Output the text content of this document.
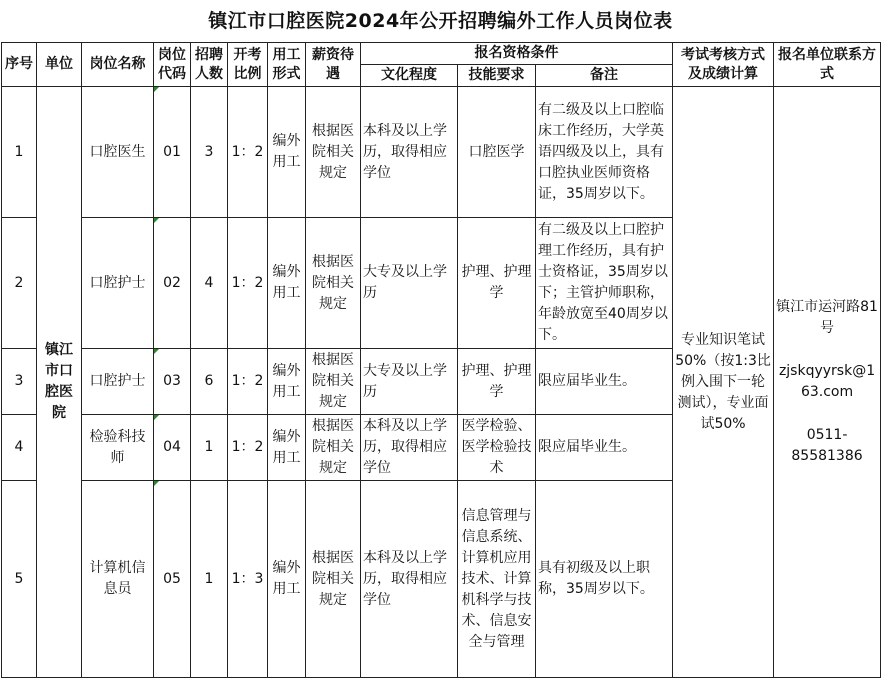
镇江市口腔医院2024年公开招聘编外工作人员岗位表
序号	单位	岗位名称	岗位代码	招聘人数	开考比例	用工形式	薪资待遇	报名资格条件			考试考核方式及成绩计算	报名单位联系方式
								文化程度	技能要求	备注		
1	镇江市口腔医院	口腔医生	01	3	1：2	编外用工	根据医院相关规定	本科及以上学历，取得相应学位	口腔医学	有二级及以上口腔临床工作经历，大学英语四级及以上，具有口腔执业医师资格证，35周岁以下。	专业知识笔试50%（按1:3比例入围下一轮测试），专业面试50%	镇江市运河路81号
zjskqyyrsk@163.com
0511-85581386

2		口腔护士	02	4	1：2	编外用工	根据医院相关规定	大专及以上学历	护理、护理学	有二级及以上口腔护理工作经历，具有护士资格证，35周岁以下；主管护师职称，年龄放宽至40周岁以下。		
3		口腔护士	03	6	1：2	编外用工	根据医院相关规定	大专及以上学历	护理、护理学	限应届毕业生。		
4		检验科技师	04	1	1：2	编外用工	根据医院相关规定	本科及以上学历，取得相应学位	医学检验、医学检验技术	限应届毕业生。		
5		计算机信息员	05	1	1：3	编外用工	根据医院相关规定	本科及以上学历，取得相应学位	信息管理与信息系统、计算机应用技术、计算机科学与技术、信息安全与管理	具有初级及以上职称，35周岁以下。		
